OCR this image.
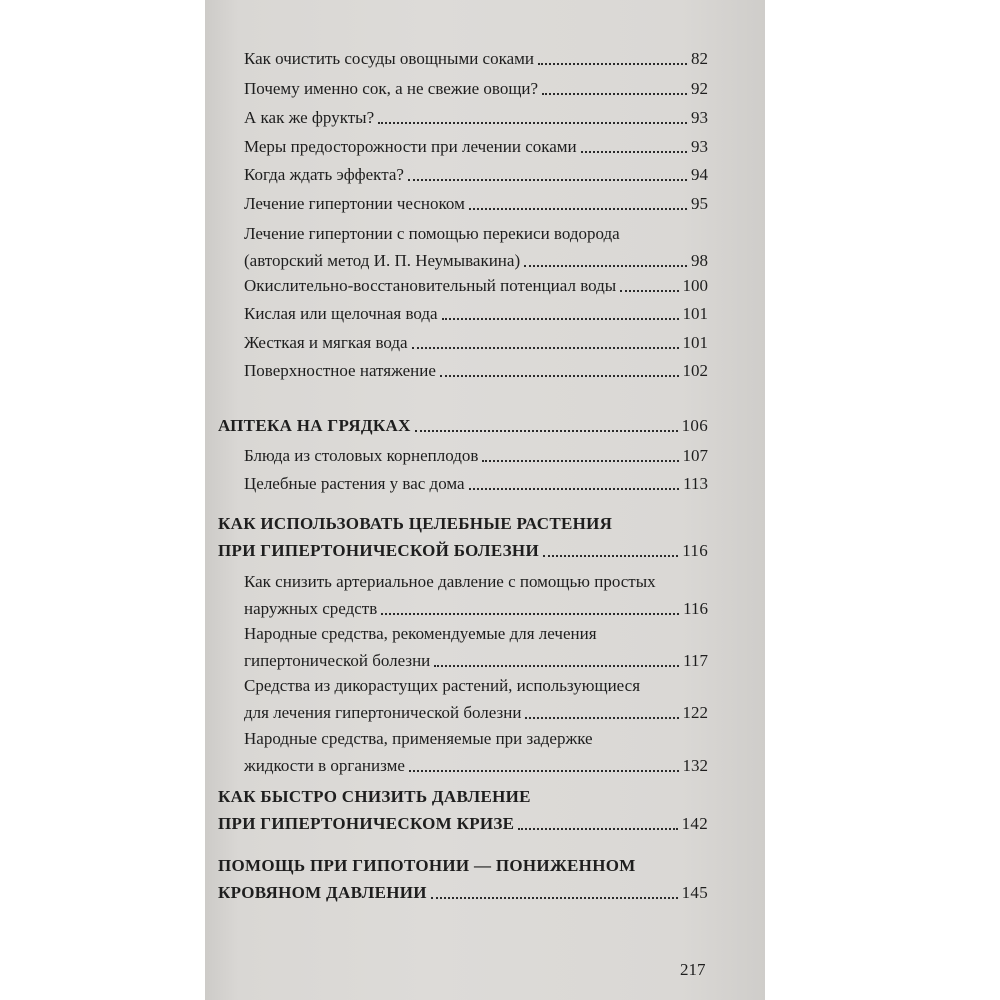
Как очистить сосуды овощными соками	82
Почему именно сок, а не свежие овощи?	92
А как же фрукты?	93
Меры предосторожности при лечении соками	93
Когда ждать эффекта?	94
Лечение гипертонии чесноком	95
Лечение гипертонии с помощью перекиси водорода
(авторский метод И. П. Неумывакина)	98
Окислительно-восстановительный потенциал воды	100
Кислая или щелочная вода	101
Жесткая и мягкая вода	101
Поверхностное натяжение	102
АПТЕКА НА ГРЯДКАХ	106
Блюда из столовых корнеплодов	107
Целебные растения у вас дома	113
КАК ИСПОЛЬЗОВАТЬ ЦЕЛЕБНЫЕ РАСТЕНИЯ
ПРИ ГИПЕРТОНИЧЕСКОЙ БОЛЕЗНИ	116
Как снизить артериальное давление с помощью простых
наружных средств	116
Народные средства, рекомендуемые для лечения
гипертонической болезни	117
Средства из дикорастущих растений, использующиеся
для лечения гипертонической болезни	122
Народные средства, применяемые при задержке
жидкости в организме	132
КАК БЫСТРО СНИЗИТЬ ДАВЛЕНИЕ
ПРИ ГИПЕРТОНИЧЕСКОМ КРИЗЕ	142
ПОМОЩЬ ПРИ ГИПОТОНИИ — ПОНИЖЕННОМ
КРОВЯНОМ ДАВЛЕНИИ	145
217
